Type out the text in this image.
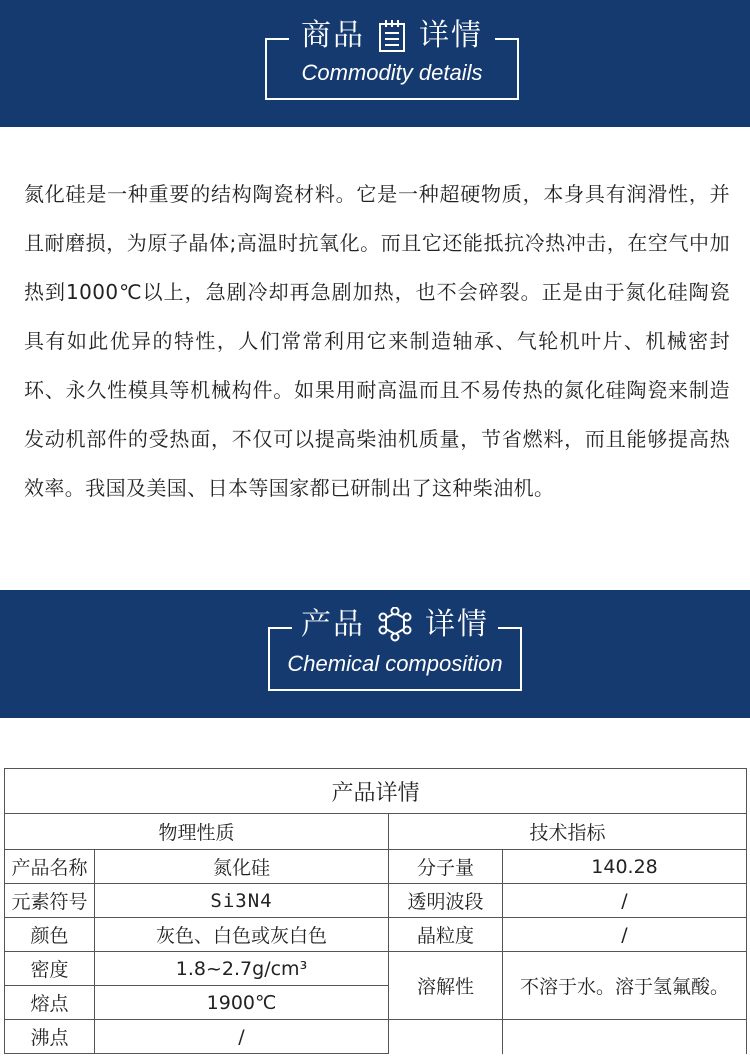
商品 详情
Commodity details
氮化硅是一种重要的结构陶瓷材料。它是一种超硬物质，本身具有润滑性，并且耐磨损，为原子晶体;高温时抗氧化。而且它还能抵抗冷热冲击，在空气中加热到1000℃以上，急剧冷却再急剧加热，也不会碎裂。正是由于氮化硅陶瓷具有如此优异的特性，人们常常利用它来制造轴承、气轮机叶片、机械密封环、永久性模具等机械构件。如果用耐高温而且不易传热的氮化硅陶瓷来制造发动机部件的受热面，不仅可以提高柴油机质量，节省燃料，而且能够提高热效率。我国及美国、日本等国家都已研制出了这种柴油机。
产品 详情
Chemical composition
产品详情			
物理性质		技术指标	
产品名称	氮化硅	分子量	140.28
元素符号	Si3N4	透明波段	/
颜色	灰色、白色或灰白色	晶粒度	/
密度	1.8~2.7g/cm³	溶解性	不溶于水。溶于氢氟酸。
熔点	1900℃		
沸点	/		
